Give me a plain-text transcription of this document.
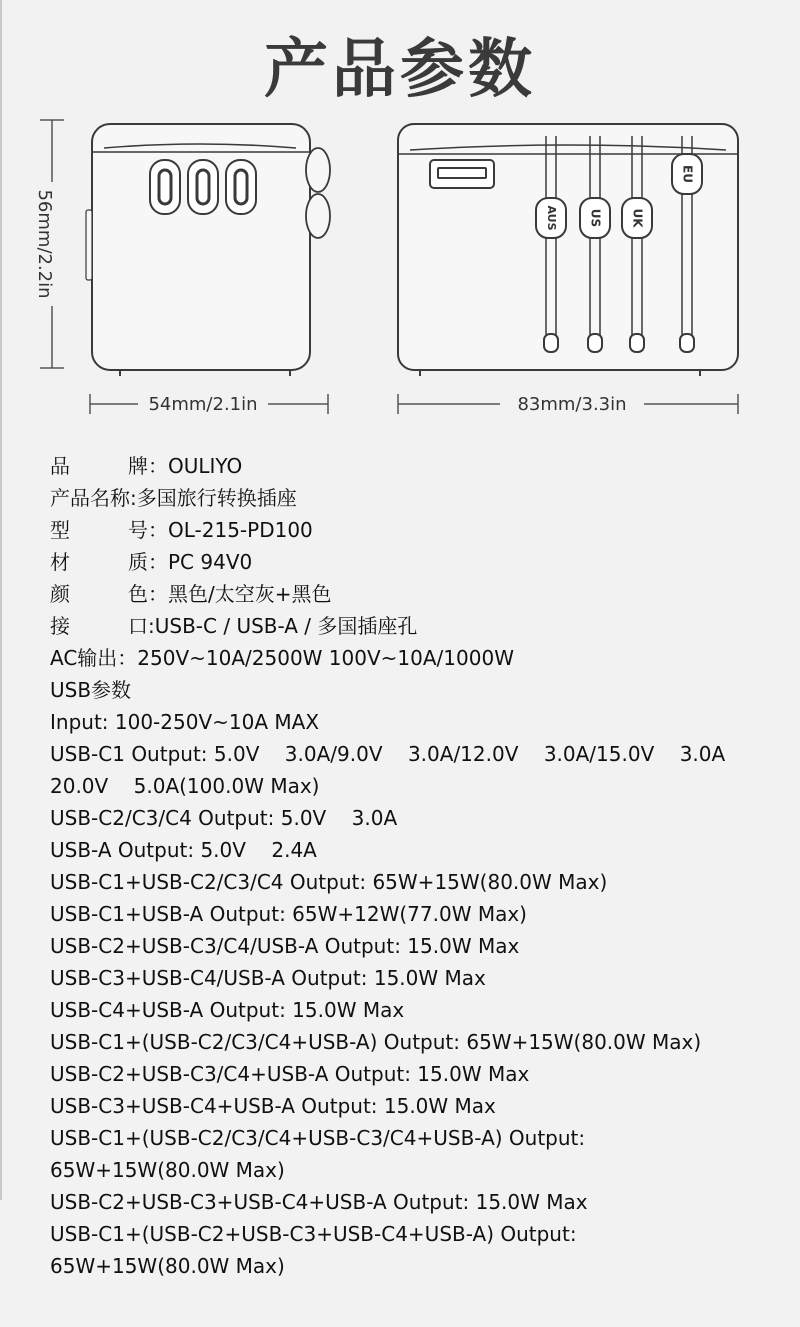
产品参数
56mm/2.2in
54mm/2.1in
AUS	US UK
EU
83mm/3.3in
品	牌 ： OULIYO
产品名称 : 多国旅行转换插座
型	号 ： OL-215-PD100
材	质 ： PC 94V0
颜	色 ： 黑色/太空灰+黑色
接	口 : USB-C / USB-A / 多国插座孔
AC输出 ： 250V~10A/2500W 100V~10A/1000W
USB参数
Input: 100-250V~10A MAX
USB-C1 Output: 5.0V    3.0A/9.0V    3.0A/12.0V    3.0A/15.0V    3.0A
20.0V    5.0A(100.0W Max)
USB-C2/C3/C4 Output: 5.0V    3.0A
USB-A Output: 5.0V    2.4A
USB-C1+USB-C2/C3/C4 Output: 65W+15W(80.0W Max)
USB-C1+USB-A Output: 65W+12W(77.0W Max)
USB-C2+USB-C3/C4/USB-A Output: 15.0W Max
USB-C3+USB-C4/USB-A Output: 15.0W Max
USB-C4+USB-A Output: 15.0W Max
USB-C1+(USB-C2/C3/C4+USB-A) Output: 65W+15W(80.0W Max)
USB-C2+USB-C3/C4+USB-A Output: 15.0W Max
USB-C3+USB-C4+USB-A Output: 15.0W Max
USB-C1+(USB-C2/C3/C4+USB-C3/C4+USB-A) Output:
65W+15W(80.0W Max)
USB-C2+USB-C3+USB-C4+USB-A Output: 15.0W Max
USB-C1+(USB-C2+USB-C3+USB-C4+USB-A) Output:
65W+15W(80.0W Max)
